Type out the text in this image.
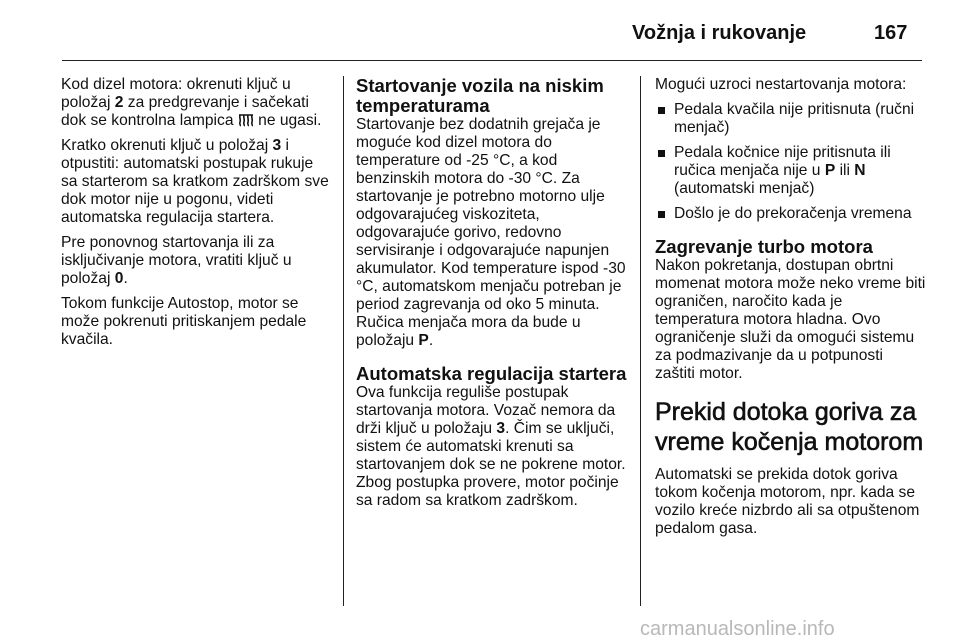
Vožnja i rukovanje	167

Kod dizel motora: okrenuti ključ u položaj 2 za predgrevanje i sačekati dok se kontrolna lampica  ne ugasi.

Kratko okrenuti ključ u položaj 3 i otpustiti: automatski postupak rukuje sa starterom sa kratkom zadrškom sve dok motor nije u pogonu, videti automatska regulacija startera.

Pre ponovnog startovanja ili za isključivanje motora, vratiti ključ u položaj 0.

Tokom funkcije Autostop, motor se može pokrenuti pritiskanjem pedale kvačila.

Startovanje vozila na niskim temperaturama

Startovanje bez dodatnih grejača je moguće kod dizel motora do temperature od -25 °C, a kod benzinskih motora do -30 °C. Za startovanje je potrebno motorno ulje odgovarajućeg viskoziteta, odgovarajuće gorivo, redovno servisiranje i odgovarajuće napunjen akumulator. Kod temperature ispod -30 °C, automatskom menjaču potreban je period zagrevanja od oko 5 minuta. Ručica menjača mora da bude u položaju P.

Automatska regulacija startera

Ova funkcija reguliše postupak startovanja motora. Vozač nemora da drži ključ u položaju 3. Čim se uključi, sistem će automatski krenuti sa startovanjem dok se ne pokrene motor. Zbog postupka provere, motor počinje sa radom sa kratkom zadrškom.

Mogući uzroci nestartovanja motora:

Pedala kvačila nije pritisnuta (ručni menjač)
Pedala kočnice nije pritisnuta ili ručica menjača nije u P ili N (automatski menjač)
Došlo je do prekoračenja vremena
Zagrevanje turbo motora

Nakon pokretanja, dostupan obrtni momenat motora može neko vreme biti ograničen, naročito kada je temperatura motora hladna. Ovo ograničenje služi da omogući sistemu za podmazivanje da u potpunosti zaštiti motor.

Prekid dotoka goriva za vreme kočenja motorom

Automatski se prekida dotok goriva tokom kočenja motorom, npr. kada se vozilo kreće nizbrdo ali sa otpuštenom pedalom gasa.

carmanualsonline.info
